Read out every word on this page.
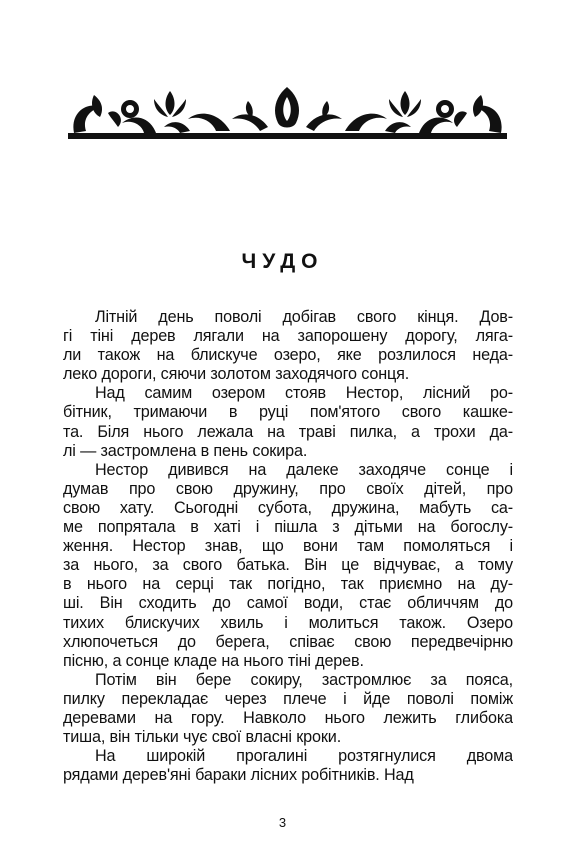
ЧУДО
Літній день поволі добігав свого кінця. Дов-
гі тіні дерев лягали на запорошену дорогу, ляга-
ли також на блискуче озеро, яке розлилося неда-
леко дороги, сяючи золотом заходячого сонця.
Над самим озером стояв Нестор, лісний ро-
бітник, тримаючи в руці пом'ятого свого кашке-
та. Біля нього лежала на траві пилка, а трохи да-
лі — застромлена в пень сокира.
Нестор дивився на далеке заходяче сонце і
думав про свою дружину, про своїх дітей, про
свою хату. Сьогодні субота, дружина, мабуть са-
ме попрятала в хаті і пішла з дітьми на богослу-
ження. Нестор знав, що вони там помоляться і
за нього, за свого батька. Він це відчуває, а тому
в нього на серці так погідно, так приємно на ду-
ші. Він сходить до самої води, стає обличчям до
тихих блискучих хвиль і молиться також. Озеро
хлюпочеться до берега, співає свою передвечірню
пісню, а сонце кладе на нього тіні дерев.
Потім він бере сокиру, застромлює за пояса,
пилку перекладає через плече і йде поволі поміж
деревами на гору. Навколо нього лежить глибока
тиша, він тільки чує свої власні кроки.
На широкій прогалині розтягнулися двома
рядами дерев'яні бараки лісних робітників. Над
3
